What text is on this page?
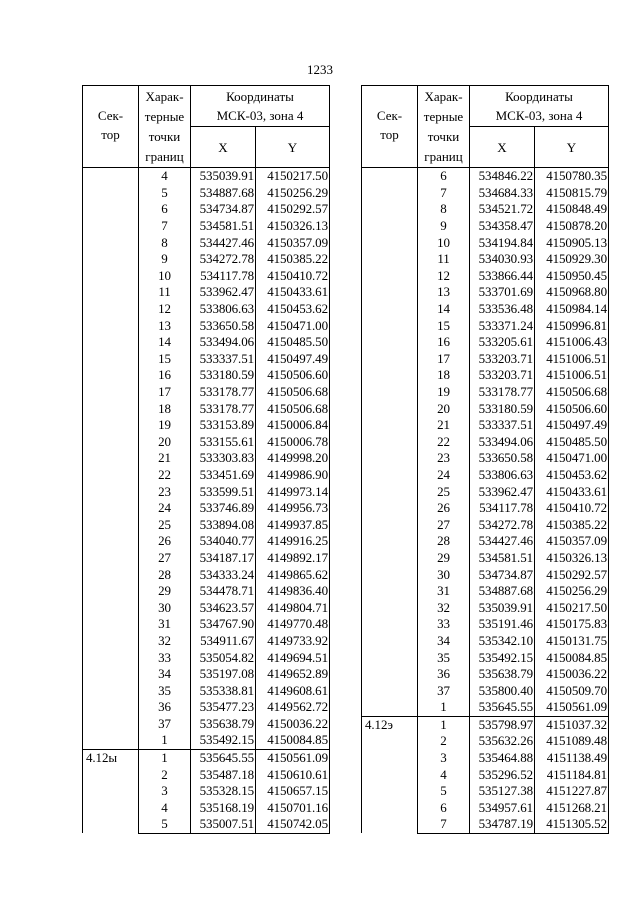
1233
Сек-
тор	Харак-
терные
точки
границ	Координаты
МСК-03, зона 4	
		X	Y
	4	535039.91	4150217.50
	5	534887.68	4150256.29
	6	534734.87	4150292.57
	7	534581.51	4150326.13
	8	534427.46	4150357.09
	9	534272.78	4150385.22
	10	534117.78	4150410.72
	11	533962.47	4150433.61
	12	533806.63	4150453.62
	13	533650.58	4150471.00
	14	533494.06	4150485.50
	15	533337.51	4150497.49
	16	533180.59	4150506.60
	17	533178.77	4150506.68
	18	533178.77	4150506.68
	19	533153.89	4150006.84
	20	533155.61	4150006.78
	21	533303.83	4149998.20
	22	533451.69	4149986.90
	23	533599.51	4149973.14
	24	533746.89	4149956.73
	25	533894.08	4149937.85
	26	534040.77	4149916.25
	27	534187.17	4149892.17
	28	534333.24	4149865.62
	29	534478.71	4149836.40
	30	534623.57	4149804.71
	31	534767.90	4149770.48
	32	534911.67	4149733.92
	33	535054.82	4149694.51
	34	535197.08	4149652.89
	35	535338.81	4149608.61
	36	535477.23	4149562.72
	37	535638.79	4150036.22
	1	535492.15	4150084.85
4.12ы	1	535645.55	4150561.09
	2	535487.18	4150610.61
	3	535328.15	4150657.15
	4	535168.19	4150701.16
	5	535007.51	4150742.05
Сек-
тор	Харак-
терные
точки
границ	Координаты
МСК-03, зона 4	
		X	Y
	6	534846.22	4150780.35
	7	534684.33	4150815.79
	8	534521.72	4150848.49
	9	534358.47	4150878.20
	10	534194.84	4150905.13
	11	534030.93	4150929.30
	12	533866.44	4150950.45
	13	533701.69	4150968.80
	14	533536.48	4150984.14
	15	533371.24	4150996.81
	16	533205.61	4151006.43
	17	533203.71	4151006.51
	18	533203.71	4151006.51
	19	533178.77	4150506.68
	20	533180.59	4150506.60
	21	533337.51	4150497.49
	22	533494.06	4150485.50
	23	533650.58	4150471.00
	24	533806.63	4150453.62
	25	533962.47	4150433.61
	26	534117.78	4150410.72
	27	534272.78	4150385.22
	28	534427.46	4150357.09
	29	534581.51	4150326.13
	30	534734.87	4150292.57
	31	534887.68	4150256.29
	32	535039.91	4150217.50
	33	535191.46	4150175.83
	34	535342.10	4150131.75
	35	535492.15	4150084.85
	36	535638.79	4150036.22
	37	535800.40	4150509.70
	1	535645.55	4150561.09
4.12э	1	535798.97	4151037.32
	2	535632.26	4151089.48
	3	535464.88	4151138.49
	4	535296.52	4151184.81
	5	535127.38	4151227.87
	6	534957.61	4151268.21
	7	534787.19	4151305.52
